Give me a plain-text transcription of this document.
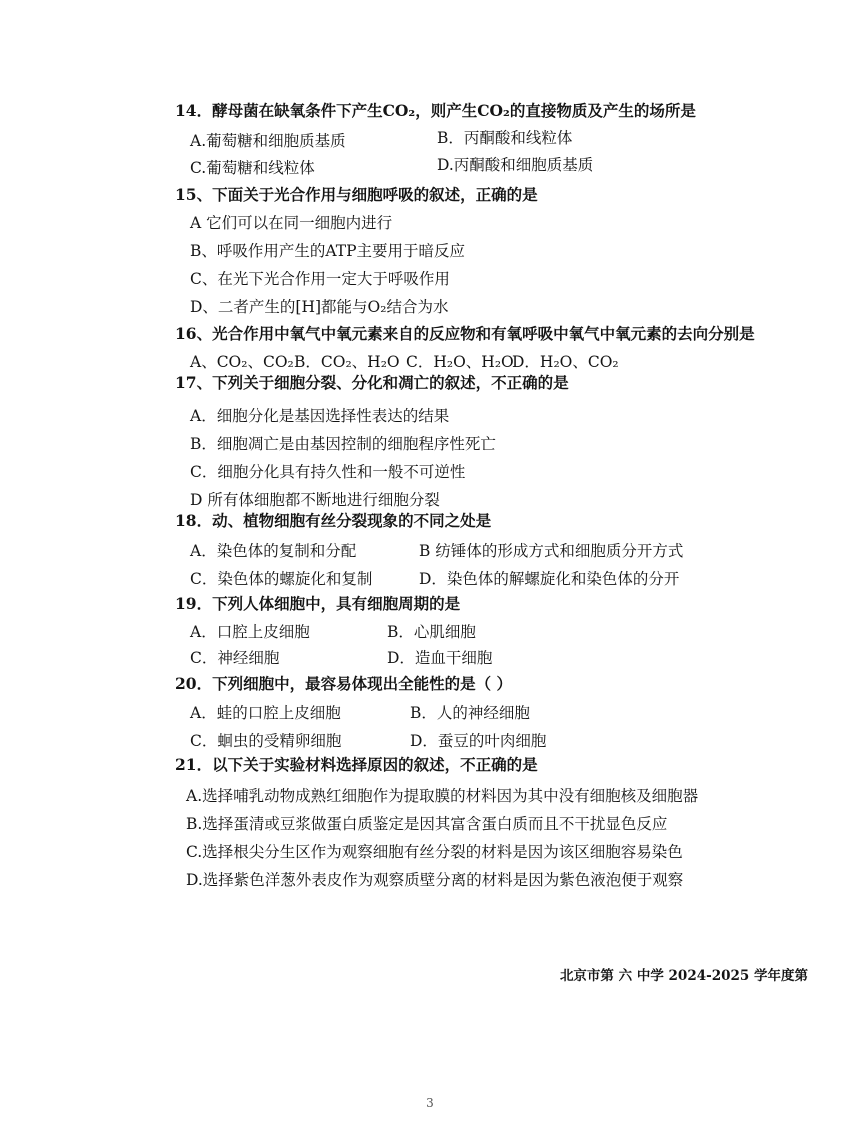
14．酵母菌在缺氧条件下产生CO₂，则产生CO₂的直接物质及产生的场所是
A.葡萄糖和细胞质基质	B．丙酮酸和线粒体
C.葡萄糖和线粒体	D.丙酮酸和细胞质基质
15、下面关于光合作用与细胞呼吸的叙述，正确的是
A 它们可以在同一细胞内进行
B、呼吸作用产生的ATP主要用于暗反应
C、在光下光合作用一定大于呼吸作用
D、二者产生的[H]都能与O₂结合为水
16、光合作用中氧气中氧元素来自的反应物和有氧呼吸中氧气中氧元素的去向分别是
A、CO₂、CO₂ B．CO₂、H₂O C．H₂O、H₂O
D．H₂O、CO₂
17、下列关于细胞分裂、分化和凋亡的叙述，不正确的是
A．细胞分化是基因选择性表达的结果
B．细胞凋亡是由基因控制的细胞程序性死亡
C．细胞分化具有持久性和一般不可逆性
D 所有体细胞都不断地进行细胞分裂
18．动、植物细胞有丝分裂现象的不同之处是
A．染色体的复制和分配	B 纺锤体的形成方式和细胞质分开方式
C．染色体的螺旋化和复制	D．染色体的解螺旋化和染色体的分开
19．下列人体细胞中，具有细胞周期的是
A．口腔上皮细胞	B．心肌细胞
C．神经细胞	D．造血干细胞
20．下列细胞中，最容易体现出全能性的是（ ）
A．蛙的口腔上皮细胞	B．人的神经细胞
C．蛔虫的受精卵细胞	D．蚕豆的叶肉细胞
21．以下关于实验材料选择原因的叙述，不正确的是
A.选择哺乳动物成熟红细胞作为提取膜的材料因为其中没有细胞核及细胞器
B.选择蛋清或豆浆做蛋白质鉴定是因其富含蛋白质而且不干扰显色反应
C.选择根尖分生区作为观察细胞有丝分裂的材料是因为该区细胞容易染色
D.选择紫色洋葱外表皮作为观察质壁分离的材料是因为紫色液泡便于观察
北京市第 六 中学 2024-2025 学年度第
3
